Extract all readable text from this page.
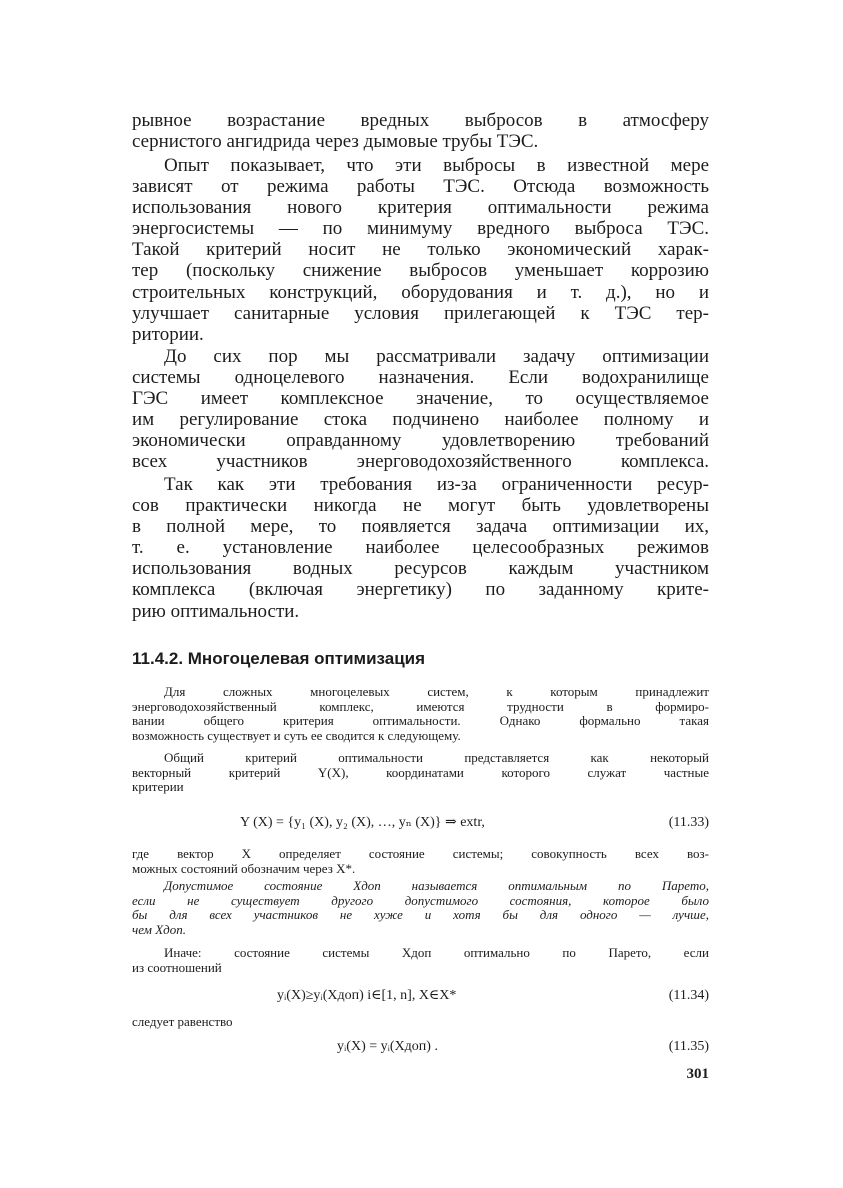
рывное возрастание вредных выбросов в атмосферу
сернистого ангидрида через дымовые трубы ТЭС.
Опыт показывает, что эти выбросы в известной мере
зависят от режима работы ТЭС. Отсюда возможность
использования нового критерия оптимальности режима
энергосистемы — по минимуму вредного выброса ТЭС.
Такой критерий носит не только экономический харак-
тер (поскольку снижение выбросов уменьшает коррозию
строительных конструкций, оборудования и т. д.), но и
улучшает санитарные условия прилегающей к ТЭС тер-
ритории.
До сих пор мы рассматривали задачу оптимизации
системы одноцелевого назначения. Если водохранилище
ГЭС имеет комплексное значение, то осуществляемое
им регулирование стока подчинено наиболее полному и
экономически оправданному удовлетворению требований
всех участников энерговодохозяйственного комплекса.
Так как эти требования из-за ограниченности ресур-
сов практически никогда не могут быть удовлетворены
в полной мере, то появляется задача оптимизации их,
т. е. установление наиболее целесообразных режимов
использования водных ресурсов каждым участником
комплекса (включая энергетику) по заданному крите-
рию оптимальности.
11.4.2. Многоцелевая оптимизация
Для сложных многоцелевых систем, к которым принадлежит
энерговодохозяйственный комплекс, имеются трудности в формиро-
вании общего критерия оптимальности. Однако формально такая
возможность существует и суть ее сводится к следующему.
Общий критерий оптимальности представляется как некоторый
векторный критерий Y(X), координатами которого служат частные
критерии
Y (X) = {y₁ (X), y₂ (X), …, yₙ (X)} ⇒ extr,	(11.33)
где вектор X определяет состояние системы; совокупность всех воз-
можных состояний обозначим через X*.
Допустимое состояние Xдоп называется оптимальным по Парето,
если не существует другого допустимого состояния, которое было
бы для всех участников не хуже и хотя бы для одного — лучше,
чем Xдоп.
Иначе: состояние системы Xдоп оптимально по Парето, если
из соотношений
yᵢ(X)≥yᵢ(Xдоп) i∈[1, n], X∈X*	(11.34)
следует равенство
yᵢ(X) = yᵢ(Xдоп) .	(11.35)
301
